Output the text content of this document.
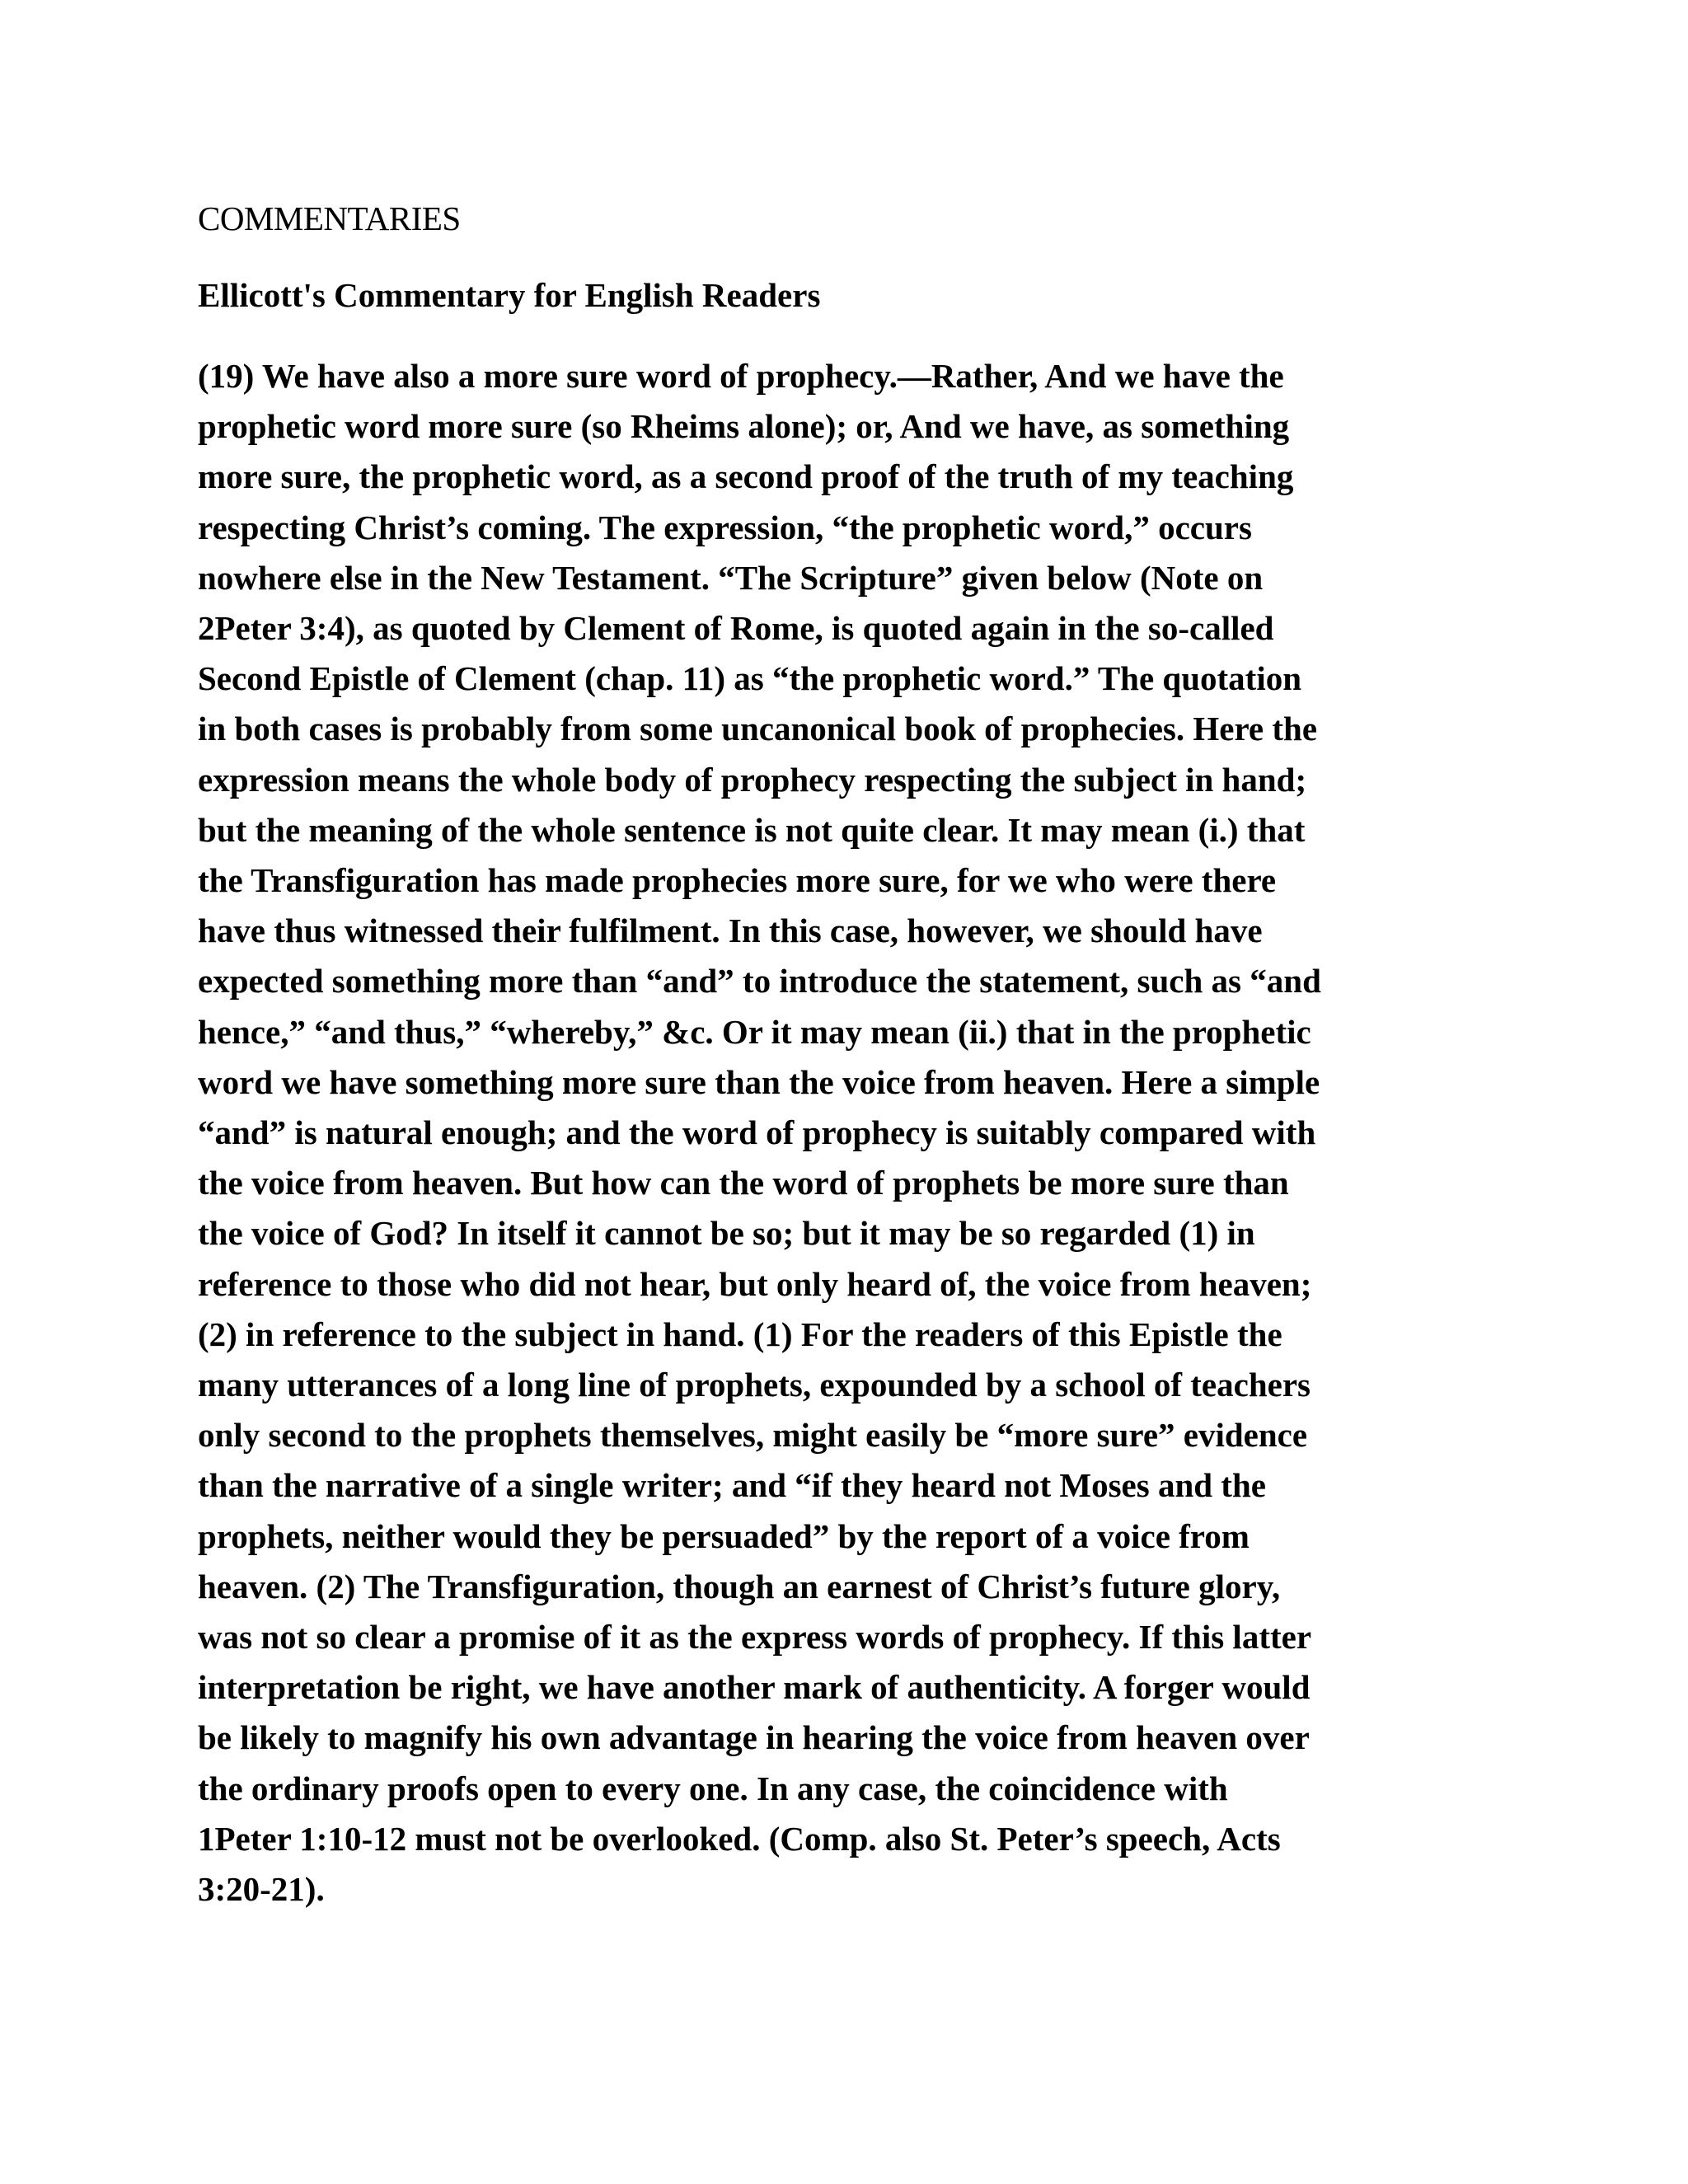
COMMENTARIES
Ellicott's Commentary for English Readers
(19) We have also a more sure word of prophecy.—Rather, And we have the
prophetic word more sure (so Rheims alone); or, And we have, as something
more sure, the prophetic word, as a second proof of the truth of my teaching
respecting Christ’s coming. The expression, “the prophetic word,” occurs
nowhere else in the New Testament. “The Scripture” given below (Note on
2Peter 3:4), as quoted by Clement of Rome, is quoted again in the so-called
Second Epistle of Clement (chap. 11) as “the prophetic word.” The quotation
in both cases is probably from some uncanonical book of prophecies. Here the
expression means the whole body of prophecy respecting the subject in hand;
but the meaning of the whole sentence is not quite clear. It may mean (i.) that
the Transfiguration has made prophecies more sure, for we who were there
have thus witnessed their fulfilment. In this case, however, we should have
expected something more than “and” to introduce the statement, such as “and
hence,” “and thus,” “whereby,” &c. Or it may mean (ii.) that in the prophetic
word we have something more sure than the voice from heaven. Here a simple
“and” is natural enough; and the word of prophecy is suitably compared with
the voice from heaven. But how can the word of prophets be more sure than
the voice of God? In itself it cannot be so; but it may be so regarded (1) in
reference to those who did not hear, but only heard of, the voice from heaven;
(2) in reference to the subject in hand. (1) For the readers of this Epistle the
many utterances of a long line of prophets, expounded by a school of teachers
only second to the prophets themselves, might easily be “more sure” evidence
than the narrative of a single writer; and “if they heard not Moses and the
prophets, neither would they be persuaded” by the report of a voice from
heaven. (2) The Transfiguration, though an earnest of Christ’s future glory,
was not so clear a promise of it as the express words of prophecy. If this latter
interpretation be right, we have another mark of authenticity. A forger would
be likely to magnify his own advantage in hearing the voice from heaven over
the ordinary proofs open to every one. In any case, the coincidence with
1Peter 1:10-12 must not be overlooked. (Comp. also St. Peter’s speech, Acts
3:20-21).
